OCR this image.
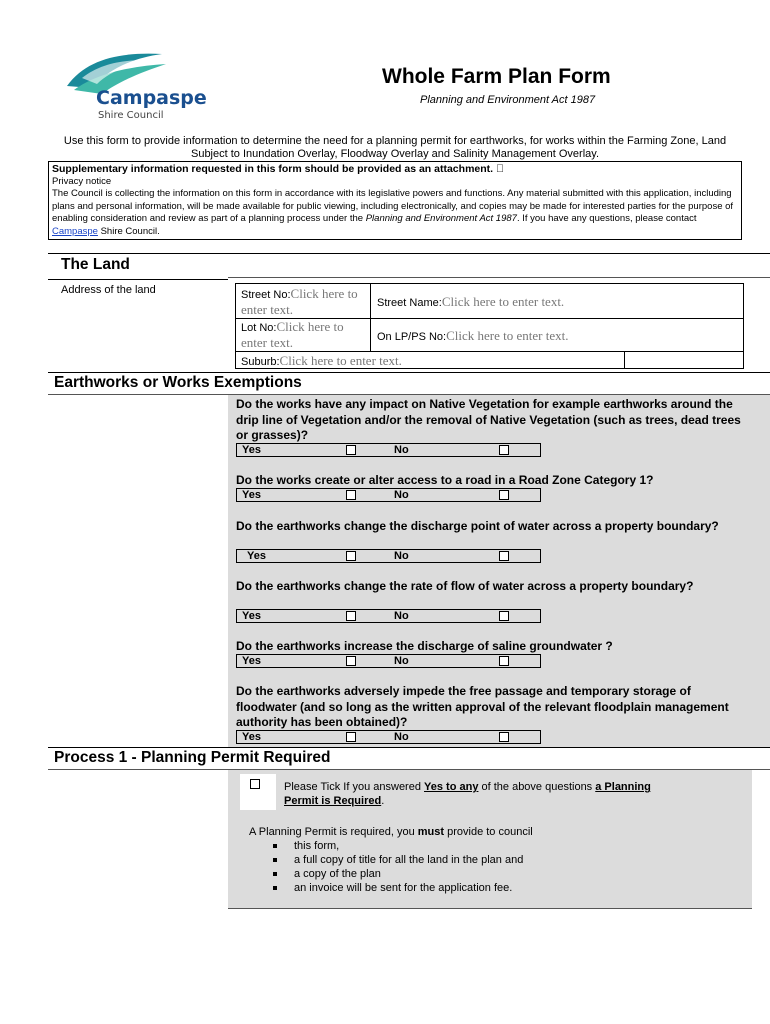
Campaspe
Shire Council
Whole Farm Plan Form
Planning and Environment Act 1987
Use this form to provide information to determine the need for a planning permit for earthworks, for works within the Farming Zone, Land Subject to Inundation Overlay, Floodway Overlay and Salinity Management Overlay.
Supplementary information requested in this form should be provided as an attachment.
Privacy notice
The Council is collecting the information on this form in accordance with its legislative powers and functions. Any material submitted with this application, including plans and personal information, will be made available for public viewing, including electronically, and copies may be made for interested parties for the purpose of enabling consideration and review as part of a planning process under the Planning and Environment Act 1987. If you have any questions, please contact Campaspe Shire Council.
The Land
Address of the land	Street No:Click here to enter text.	Street Name:Click here to enter text.
Lot No:Click here to enter text.	On LP/PS No:Click here to enter text.
Suburb:Click here to enter text.
Earthworks or Works Exemptions
Do the works have any impact on Native Vegetation for example earthworks around the drip line of Vegetation and/or the removal of Native Vegetation (such as trees, dead trees or grasses)?
Yes	No
Do the works create or alter access to a road in a Road Zone Category 1?
Yes	No
Do the earthworks change the discharge point of water across a property boundary?
Yes	No
Do the earthworks change the rate of flow of water across a property boundary?
Yes	No
Do the earthworks increase the discharge of saline groundwater ?
Yes	No
Do the earthworks adversely impede the free passage and temporary storage of floodwater (and so long as the written approval of the relevant floodplain management authority has been obtained)?
Yes	No
Process 1 - Planning Permit Required
Please Tick If you answered Yes to any of the above questions a Planning
Permit is Required.
A Planning Permit is required, you must provide to council
this form,
a full copy of title for all the land in the plan and
a copy of the plan
an invoice will be sent for the application fee.
